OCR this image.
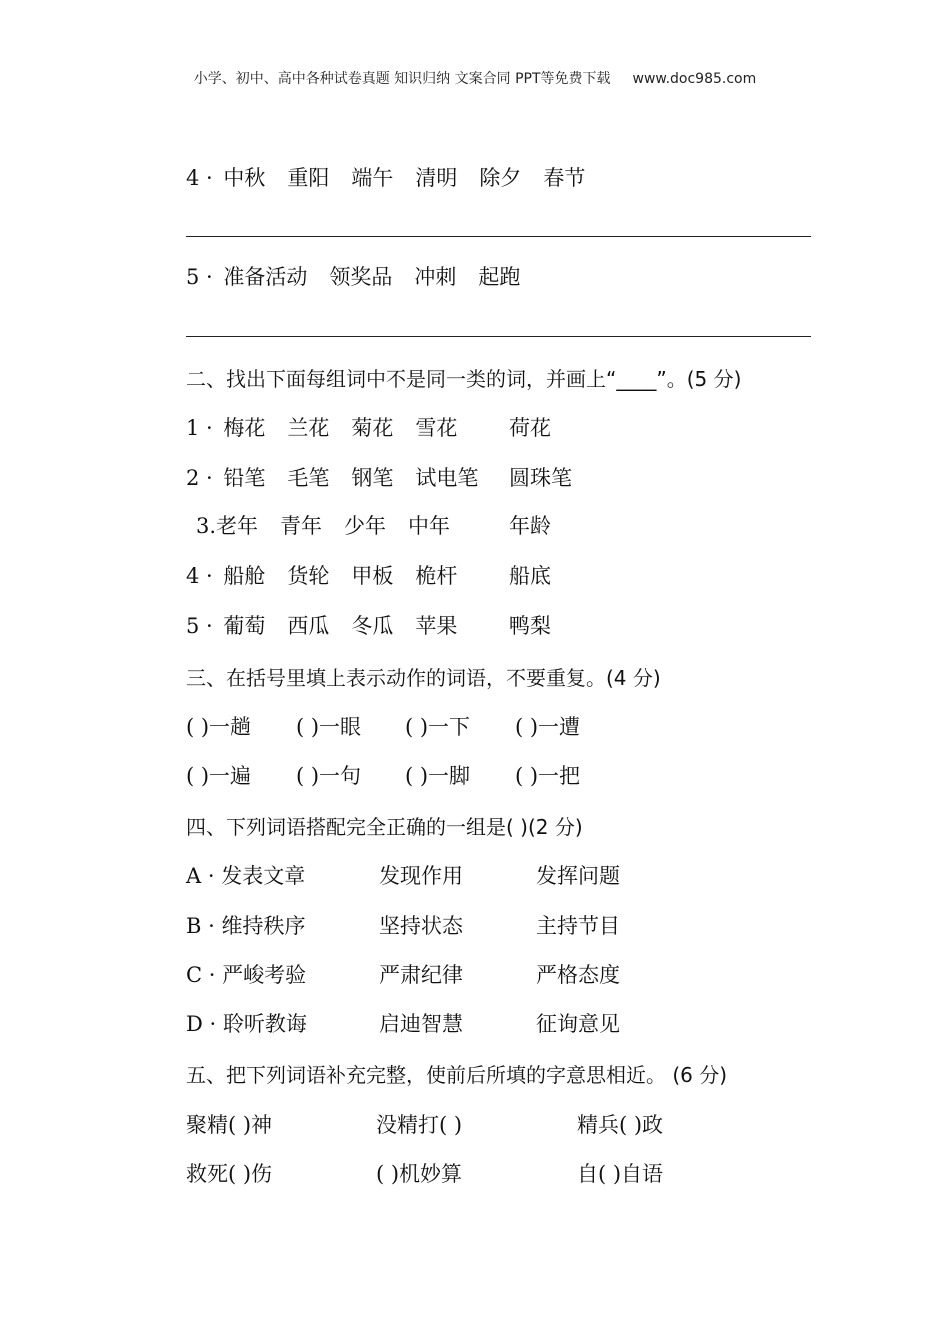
小学、初中、高中各种试卷真题 知识归纳 文案合同 PPT等免费下载 www.doc985.com
4 · 中秋 重阳 端午 清明 除夕 春节
5 · 准备活动 领奖品 冲刺 起跑
二、找出下面每组词中不是同一类的词，并画上“____”。(5 分)
1 · 梅花 兰花 菊花 雪花 荷花
2 · 铅笔 毛笔 钢笔 试电笔 圆珠笔
3.老年 青年 少年 中年	年龄
4 · 船舱 货轮 甲板 桅杆 船底
5 · 葡萄 西瓜 冬瓜 苹果 鸭梨
三、在括号里填上表示动作的词语，不要重复。(4 分)
( )一趟 ( )一眼 ( )一下 ( )一遭
( )一遍 ( )一句 ( )一脚 ( )一把
四、下列词语搭配完全正确的一组是( )(2 分)
A · 发表文章	发现作用	发挥问题
B · 维持秩序	坚持状态	主持节目
C · 严峻考验	严肃纪律	严格态度
D · 聆听教诲	启迪智慧	征询意见
五、把下列词语补充完整，使前后所填的字意思相近。 (6 分)
聚精( )神	没精打( )	精兵( )政
救死( )伤	( )机妙算	自( )自语
